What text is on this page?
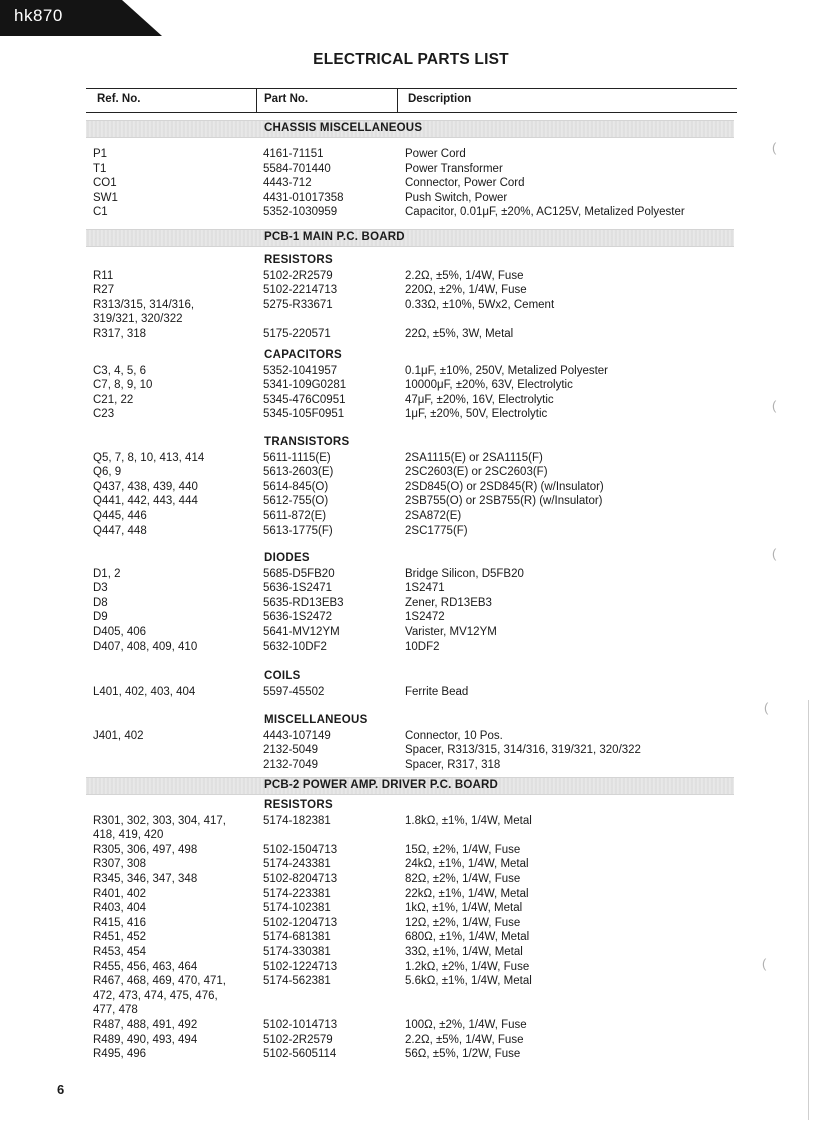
hk870
ELECTRICAL PARTS LIST
Ref. No.	Part No.	Description
CHASSIS MISCELLANEOUS
P1	4161-71151	Power Cord
T1	5584-701440	Power Transformer
CO1	4443-712	Connector, Power Cord
SW1	4431-01017358	Push Switch, Power
C1	5352-1030959	Capacitor, 0.01μF, ±20%, AC125V, Metalized Polyester
PCB-1 MAIN P.C. BOARD
RESISTORS
R11	5102-2R2579	2.2Ω, ±5%, 1/4W, Fuse
R27	5102-2214713	220Ω, ±2%, 1/4W, Fuse
R313/315, 314/316,
319/321, 320/322
5275-R33671	0.33Ω, ±10%, 5Wx2, Cement
R317, 318	5175-220571	22Ω, ±5%, 3W, Metal
CAPACITORS
C3, 4, 5, 6	5352-1041957	0.1μF, ±10%, 250V, Metalized Polyester
C7, 8, 9, 10	5341-109G0281	10000μF, ±20%, 63V, Electrolytic
C21, 22	5345-476C0951	47μF, ±20%, 16V, Electrolytic
C23	5345-105F0951	1μF, ±20%, 50V, Electrolytic
TRANSISTORS
Q5, 7, 8, 10, 413, 414	5611-1115(E)	2SA1115(E) or 2SA1115(F)
Q6, 9	5613-2603(E)	2SC2603(E) or 2SC2603(F)
Q437, 438, 439, 440	5614-845(O)	2SD845(O) or 2SD845(R) (w/Insulator)
Q441, 442, 443, 444	5612-755(O)	2SB755(O) or 2SB755(R) (w/Insulator)
Q445, 446	5611-872(E)	2SA872(E)
Q447, 448	5613-1775(F)	2SC1775(F)
DIODES
D1, 2	5685-D5FB20	Bridge Silicon, D5FB20
D3	5636-1S2471	1S2471
D8	5635-RD13EB3	Zener, RD13EB3
D9	5636-1S2472	1S2472
D405, 406	5641-MV12YM	Varister, MV12YM
D407, 408, 409, 410	5632-10DF2	10DF2
COILS
L401, 402, 403, 404	5597-45502	Ferrite Bead
MISCELLANEOUS
J401, 402	4443-107149	Connector, 10 Pos.
2132-5049	Spacer, R313/315, 314/316, 319/321, 320/322
2132-7049	Spacer, R317, 318
PCB-2 POWER AMP. DRIVER P.C. BOARD
RESISTORS
R301, 302, 303, 304, 417,
418, 419, 420
5174-182381	1.8kΩ, ±1%, 1/4W, Metal
R305, 306, 497, 498	5102-1504713	15Ω, ±2%, 1/4W, Fuse
R307, 308	5174-243381	24kΩ, ±1%, 1/4W, Metal
R345, 346, 347, 348	5102-8204713	82Ω, ±2%, 1/4W, Fuse
R401, 402	5174-223381	22kΩ, ±1%, 1/4W, Metal
R403, 404	5174-102381	1kΩ, ±1%, 1/4W, Metal
R415, 416	5102-1204713	12Ω, ±2%, 1/4W, Fuse
R451, 452	5174-681381	680Ω, ±1%, 1/4W, Metal
R453, 454	5174-330381	33Ω, ±1%, 1/4W, Metal
R455, 456, 463, 464	5102-1224713	1.2kΩ, ±2%, 1/4W, Fuse
R467, 468, 469, 470, 471,
472, 473, 474, 475, 476,
477, 478
5174-562381	5.6kΩ, ±1%, 1/4W, Metal
R487, 488, 491, 492	5102-1014713	100Ω, ±2%, 1/4W, Fuse
R489, 490, 493, 494	5102-2R2579	2.2Ω, ±5%, 1/4W, Fuse
R495, 496	5102-5605114	56Ω, ±5%, 1/2W, Fuse
6
(
(
(
(
(
